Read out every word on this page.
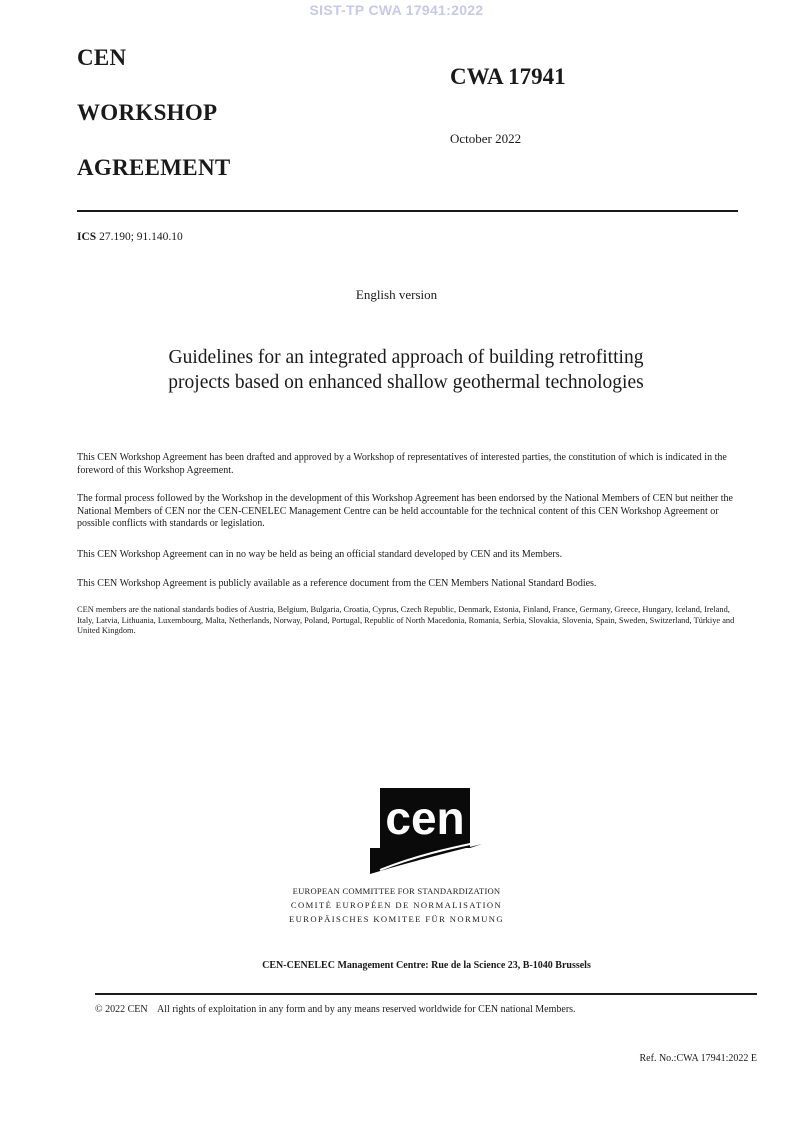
SIST-TP CWA 17941:2022
CEN
WORKSHOP
AGREEMENT
CWA 17941
October 2022
ICS 27.190; 91.140.10
English version
Guidelines for an integrated approach of building retrofitting projects based on enhanced shallow geothermal technologies
This CEN Workshop Agreement has been drafted and approved by a Workshop of representatives of interested parties, the constitution of which is indicated in the foreword of this Workshop Agreement.
The formal process followed by the Workshop in the development of this Workshop Agreement has been endorsed by the National Members of CEN but neither the National Members of CEN nor the CEN-CENELEC Management Centre can be held accountable for the technical content of this CEN Workshop Agreement or possible conflicts with standards or legislation.
This CEN Workshop Agreement can in no way be held as being an official standard developed by CEN and its Members.
This CEN Workshop Agreement is publicly available as a reference document from the CEN Members National Standard Bodies.
CEN members are the national standards bodies of Austria, Belgium, Bulgaria, Croatia, Cyprus, Czech Republic, Denmark, Estonia, Finland, France, Germany, Greece, Hungary, Iceland, Ireland, Italy, Latvia, Lithuania, Luxembourg, Malta, Netherlands, Norway, Poland, Portugal, Republic of North Macedonia, Romania, Serbia, Slovakia, Slovenia, Spain, Sweden, Switzerland, Türkiye and United Kingdom.
cen
EUROPEAN COMMITTEE FOR STANDARDIZATION
COMITÉ EUROPÉEN DE NORMALISATION
EUROPÄISCHES KOMITEE FÜR NORMUNG
CEN-CENELEC Management Centre: Rue de la Science 23, B-1040 Brussels
© 2022 CEN    All rights of exploitation in any form and by any means reserved worldwide for CEN national Members.
Ref. No.:CWA 17941:2022 E
